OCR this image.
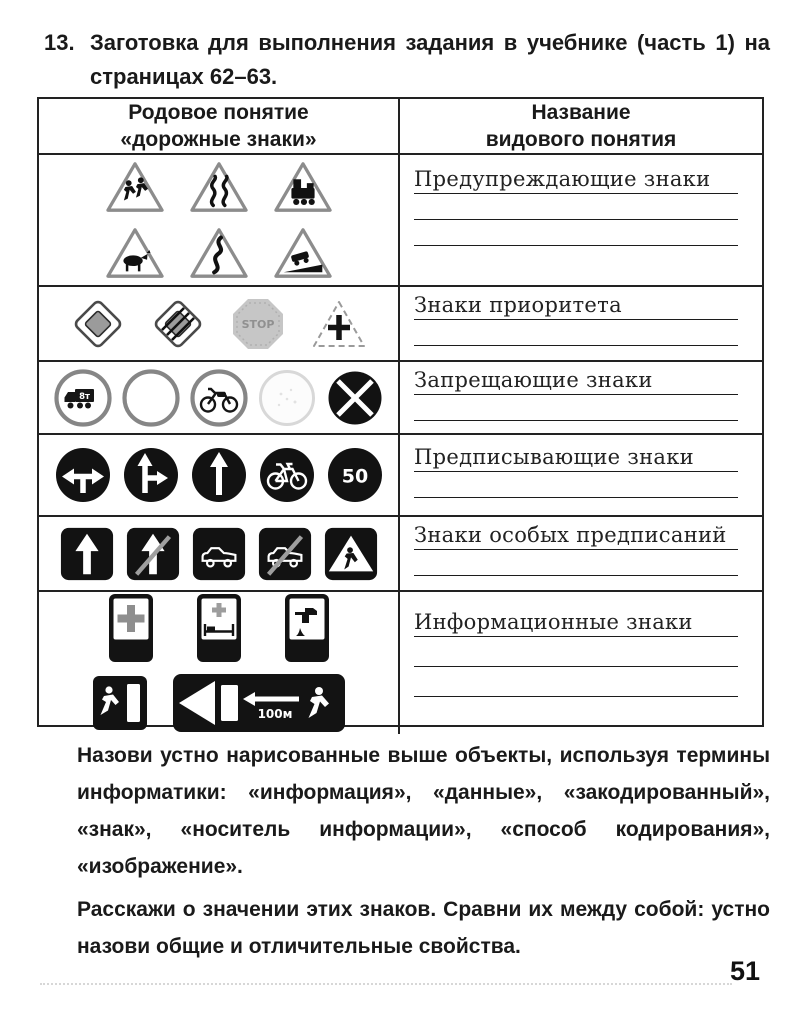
13. Заготовка для выполнения задания в учебнике (часть 1) на страницах 62–63.
Родовое понятие
«дорожные знаки»
Название
видового понятия
Предупреждающие знаки
STOP
Знаки приоритета
8т
Запрещающие знаки
50
Предписывающие знаки
Знаки особых предписаний
100м
Информационные знаки

Назови устно нарисованные выше объекты, используя термины информатики: «информация», «данные», «закодированный», «знак», «носитель информации», «способ кодирования», «изображение».

Расскажи о значении этих знаков. Сравни их между собой: устно назови общие и отличительные свойства.

51
